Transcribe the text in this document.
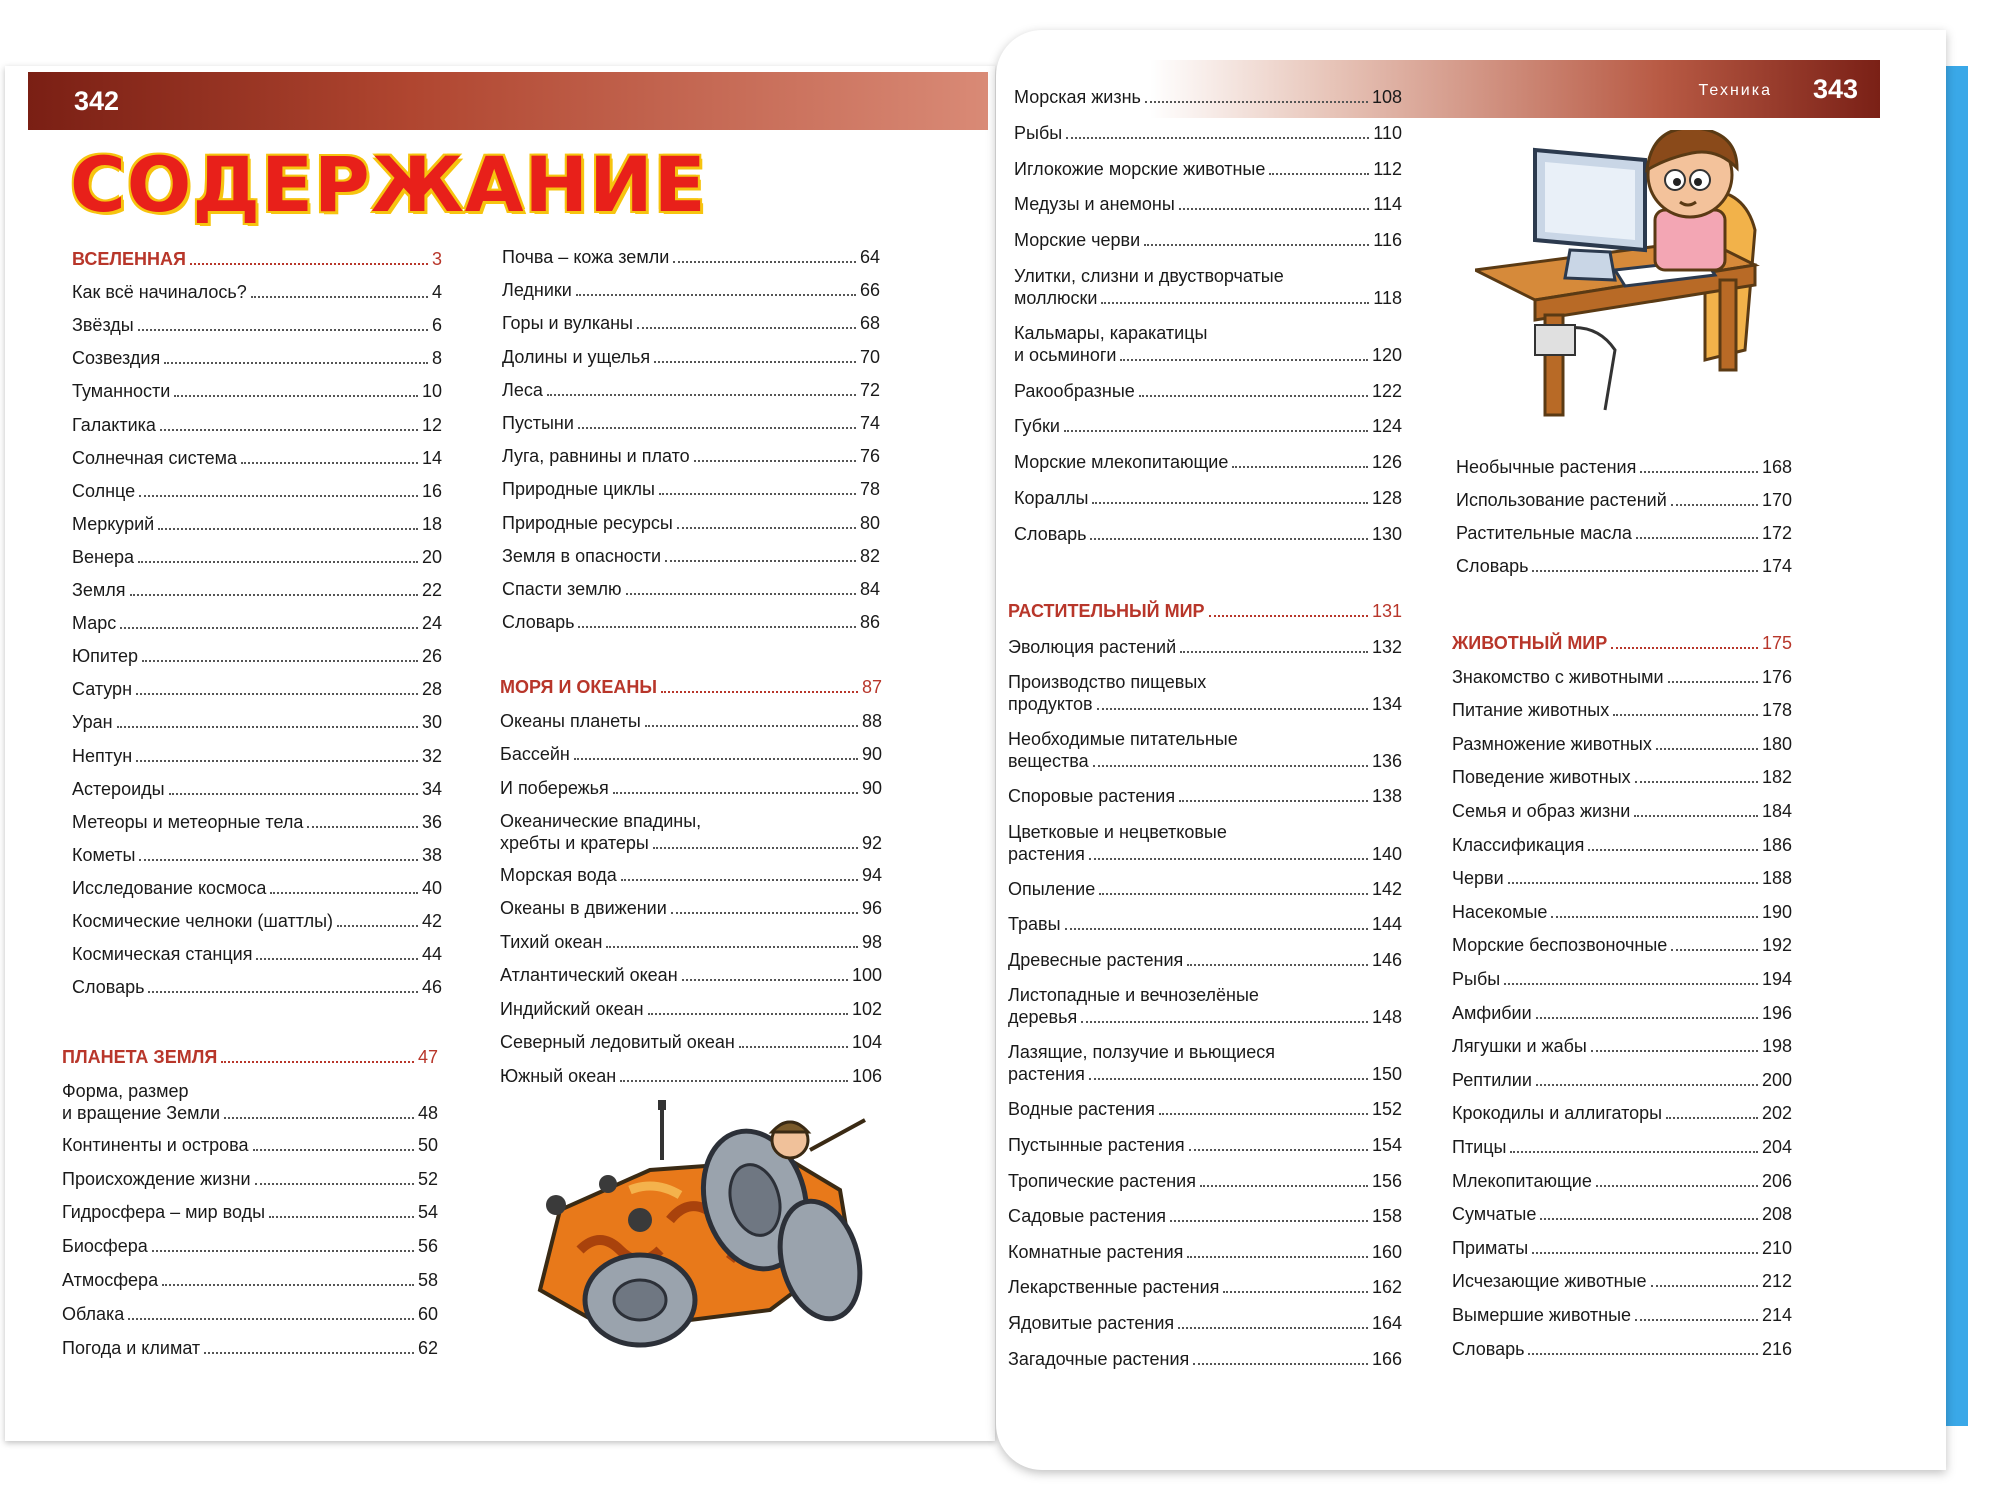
342	Техника 343
СОДЕРЖАНИЕ
ВСЕЛЕННАЯ	3
Как всё начиналось?	4
Звёзды	6
Созвездия	8
Туманности	10
Галактика	12
Солнечная система	14
Солнце	16
Меркурий	18
Венера	20
Земля	22
Марс	24
Юпитер	26
Сатурн	28
Уран	30
Нептун	32
Астероиды	34
Метеоры и метеорные тела	36
Кометы	38
Исследование космоса	40
Космические челноки (шаттлы)	42
Космическая станция	44
Словарь	46
ПЛАНЕТА ЗЕМЛЯ	47
Форма, размер
и вращение Земли	48
Континенты и острова	50
Происхождение жизни	52
Гидросфера – мир воды	54
Биосфера	56
Атмосфера	58
Облака	60
Погода и климат	62
Почва – кожа земли	64
Ледники	66
Горы и вулканы	68
Долины и ущелья	70
Леса	72
Пустыни	74
Луга, равнины и плато	76
Природные циклы	78
Природные ресурсы	80
Земля в опасности	82
Спасти землю	84
Словарь	86
МОРЯ И ОКЕАНЫ	87
Океаны планеты	88
Бассейн	90
И побережья	90
Океанические впадины,
хребты и кратеры	92
Морская вода	94
Океаны в движении	96
Тихий океан	98
Атлантический океан	100
Индийский океан	102
Северный ледовитый океан	104
Южный океан	106
Морская жизнь	108
Рыбы	110
Иглокожие морские животные	112
Медузы и анемоны	114
Морские черви	116
Улитки, слизни и двустворчатые
моллюски	118
Кальмары, каракатицы
и осьминоги	120
Ракообразные	122
Губки	124
Морские млекопитающие	126
Кораллы	128
Словарь	130
РАСТИТЕЛЬНЫЙ МИР	131
Эволюция растений	132
Производство пищевых
продуктов	134
Необходимые питательные
вещества	136
Споровые растения	138
Цветковые и нецветковые
растения	140
Опыление	142
Травы	144
Древесные растения	146
Листопадные и вечнозелёные
деревья	148
Лазящие, ползучие и вьющиеся
растения	150
Водные растения	152
Пустынные растения	154
Тропические растения	156
Садовые растения	158
Комнатные растения	160
Лекарственные растения	162
Ядовитые растения	164
Загадочные растения	166
Необычные растения	168
Использование растений	170
Растительные масла	172
Словарь	174
ЖИВОТНЫЙ МИР	175
Знакомство с животными	176
Питание животных	178
Размножение животных	180
Поведение животных	182
Семья и образ жизни	184
Классификация	186
Черви	188
Насекомые	190
Морские беспозвоночные	192
Рыбы	194
Амфибии	196
Лягушки и жабы	198
Рептилии	200
Крокодилы и аллигаторы	202
Птицы	204
Млекопитающие	206
Сумчатые	208
Приматы	210
Исчезающие животные	212
Вымершие животные	214
Словарь	216
